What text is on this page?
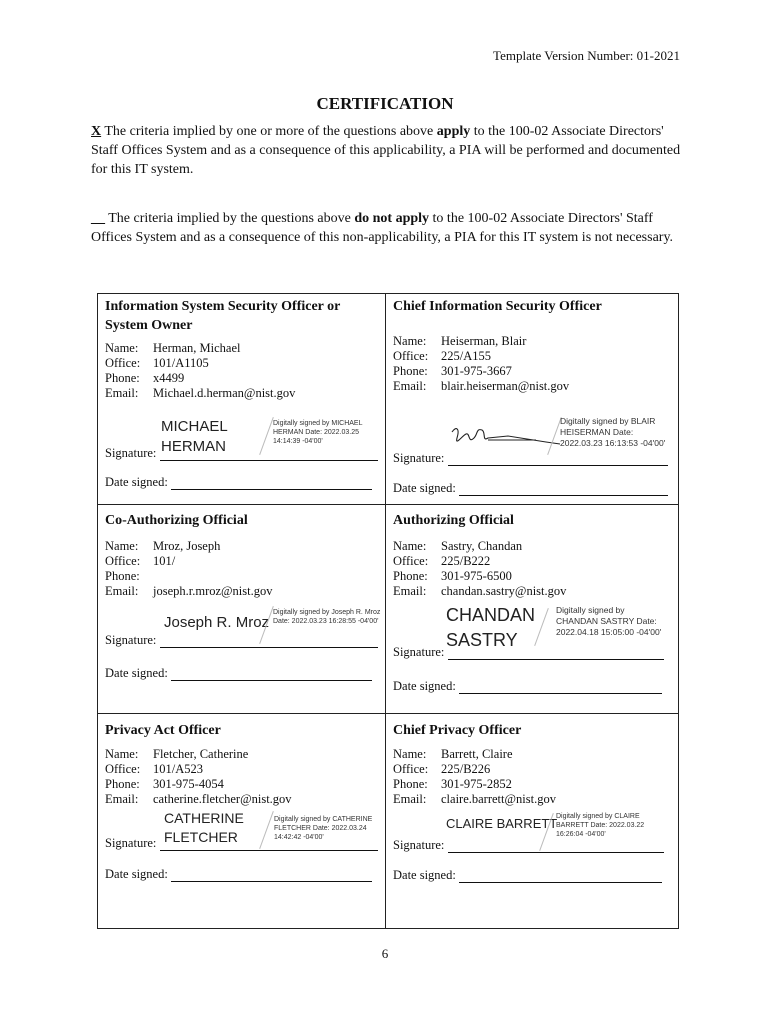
Template Version Number: 01-2021
CERTIFICATION
X The criteria implied by one or more of the questions above apply to the 100-02 Associate Directors' Staff Offices System and as a consequence of this applicability, a PIA will be performed and documented for this IT system.
__ The criteria implied by the questions above do not apply to the 100-02 Associate Directors' Staff Offices System and as a consequence of this non-applicability, a PIA for this IT system is not necessary.
Information System Security Officer or System Owner
Name: Herman, Michael
Office: 101/A1105
Phone: x4499
Email: Michael.d.herman@nist.gov
MICHAEL HERMAN
Digitally signed by MICHAEL HERMAN Date: 2022.03.25 14:14:39 -04'00'
Signature:
Date signed:
Chief Information Security Officer
Name: Heiserman, Blair
Office: 225/A155
Phone: 301-975-3667
Email: blair.heiserman@nist.gov
Digitally signed by BLAIR HEISERMAN Date: 2022.03.23 16:13:53 -04'00'
Signature:
Date signed:
Co-Authorizing Official
Name: Mroz, Joseph
Office: 101/
Phone:
Email: joseph.r.mroz@nist.gov
Joseph R. Mroz
Digitally signed by Joseph R. Mroz Date: 2022.03.23 16:28:55 -04'00'
Signature:
Date signed:
Authorizing Official
Name: Sastry, Chandan
Office: 225/B222
Phone: 301-975-6500
Email: chandan.sastry@nist.gov
CHANDAN SASTRY
Digitally signed by CHANDAN SASTRY Date: 2022.04.18 15:05:00 -04'00'
Signature:
Date signed:
Privacy Act Officer
Name: Fletcher, Catherine
Office: 101/A523
Phone: 301-975-4054
Email: catherine.fletcher@nist.gov
CATHERINE FLETCHER
Digitally signed by CATHERINE FLETCHER Date: 2022.03.24 14:42:42 -04'00'
Signature:
Date signed:
Chief Privacy Officer
Name: Barrett, Claire
Office: 225/B226
Phone: 301-975-2852
Email: claire.barrett@nist.gov
CLAIRE BARRETT
Digitally signed by CLAIRE BARRETT Date: 2022.03.22 16:26:04 -04'00'
Signature:
Date signed:
6
